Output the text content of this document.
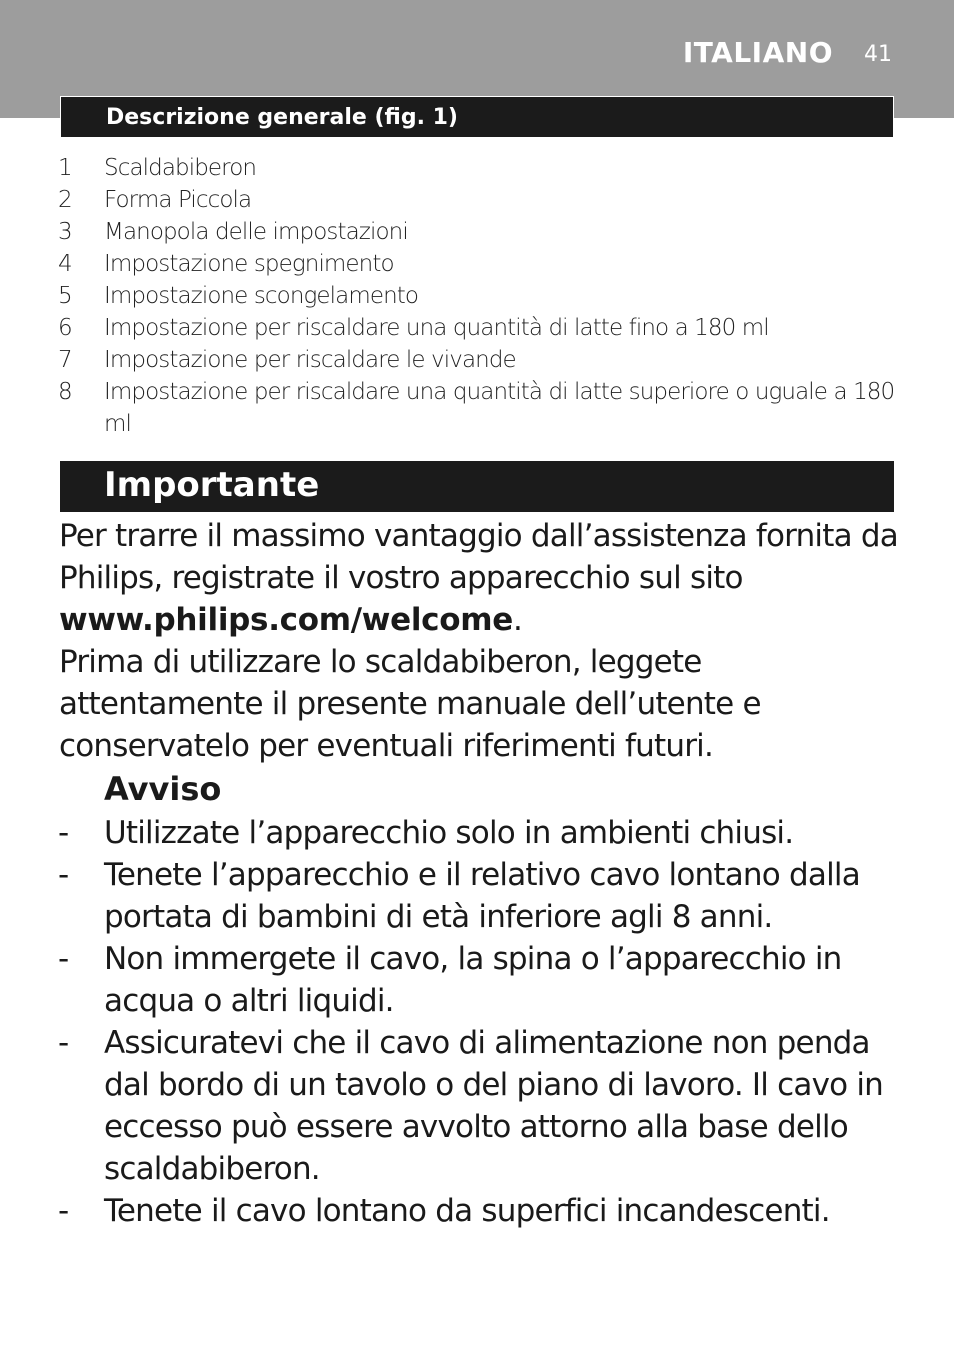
ITALIANO 41
Descrizione generale (fig. 1)
1 Scaldabiberon
2 Forma Piccola
3 Manopola delle impostazioni
4 Impostazione spegnimento
5 Impostazione scongelamento
6 Impostazione per riscaldare una quantità di latte fino a 180 ml
7 Impostazione per riscaldare le vivande
8 Impostazione per riscaldare una quantità di latte superiore o uguale a 180 ml
Importante
Per trarre il massimo vantaggio dall’assistenza fornita da Philips, registrate il vostro apparecchio sul sito www.philips.com/welcome.
Prima di utilizzare lo scaldabiberon, leggete attentamente il presente manuale dell’utente e conservatelo per eventuali riferimenti futuri.
Avviso
- Utilizzate l’apparecchio solo in ambienti chiusi.
- Tenete l’apparecchio e il relativo cavo lontano dalla portata di bambini di età inferiore agli 8 anni.
- Non immergete il cavo, la spina o l’apparecchio in acqua o altri liquidi.
- Assicuratevi che il cavo di alimentazione non penda dal bordo di un tavolo o del piano di lavoro. Il cavo in eccesso può essere avvolto attorno alla base dello scaldabiberon.
- Tenete il cavo lontano da superfici incandescenti.
